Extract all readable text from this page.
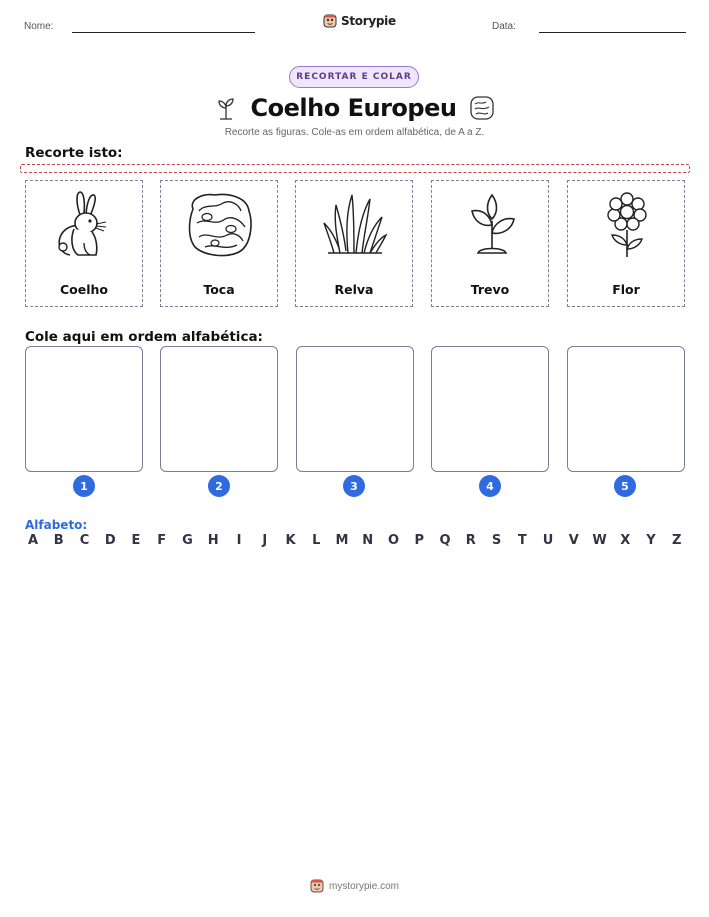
Nome:	Storypie	Data:
RECORTAR E COLAR
Coelho Europeu
Recorte as figuras. Cole-as em ordem alfabética, de A a Z.
Recorte isto:
Coelho	Toca	Relva	Trevo	Flor
Cole aqui em ordem alfabética:
1	2	3	4	5
Alfabeto:
A B C D E F G H	I	J	K L M N O P Q R S T U V W X Y Z
mystorypie.com
